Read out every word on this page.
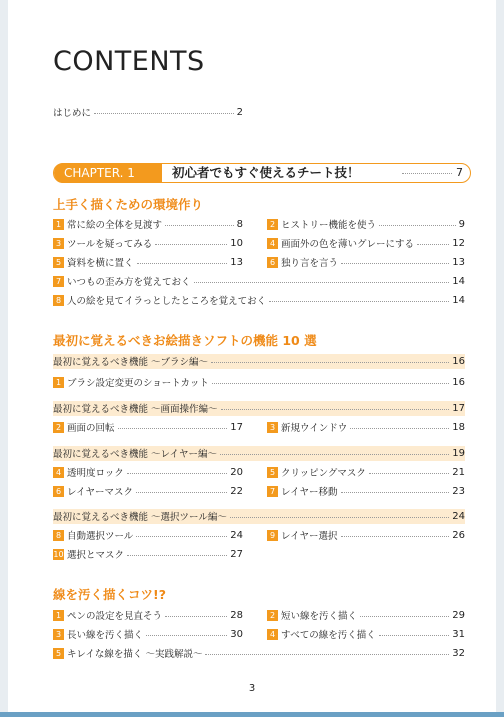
CONTENTS
はじめに	2
CHAPTER. 1	初心者でもすぐ使えるチート技！	7
上手く描くための環境作り
1 常に絵の全体を見渡す	8	2 ヒストリー機能を使う	9
3 ツールを疑ってみる	10	4 画面外の色を薄いグレーにする	12
5 資料を横に置く	13	6 独り言を言う	13
7 いつもの歪み方を覚えておく	14
8 人の絵を見てイラっとしたところを覚えておく	14
最初に覚えるべきお絵描きソフトの機能 10 選
最初に覚えるべき機能 ～ブラシ編～	16
1 ブラシ設定変更のショートカット	16
最初に覚えるべき機能 ～画面操作編～	17
2 画面の回転	17	3 新規ウインドウ	18
最初に覚えるべき機能 ～レイヤー編～	19
4 透明度ロック	20	5 クリッピングマスク	21
6 レイヤーマスク	22	7 レイヤー移動	23
最初に覚えるべき機能 ～選択ツール編～	24
8 自動選択ツール	24	9 レイヤー選択	26
10 選択とマスク	27
線を汚く描くコツ!?
1 ペンの設定を見直そう	28	2 短い線を汚く描く	29
3 長い線を汚く描く	30	4 すべての線を汚く描く	31
5 キレイな線を描く ～実践解説～	32
3
